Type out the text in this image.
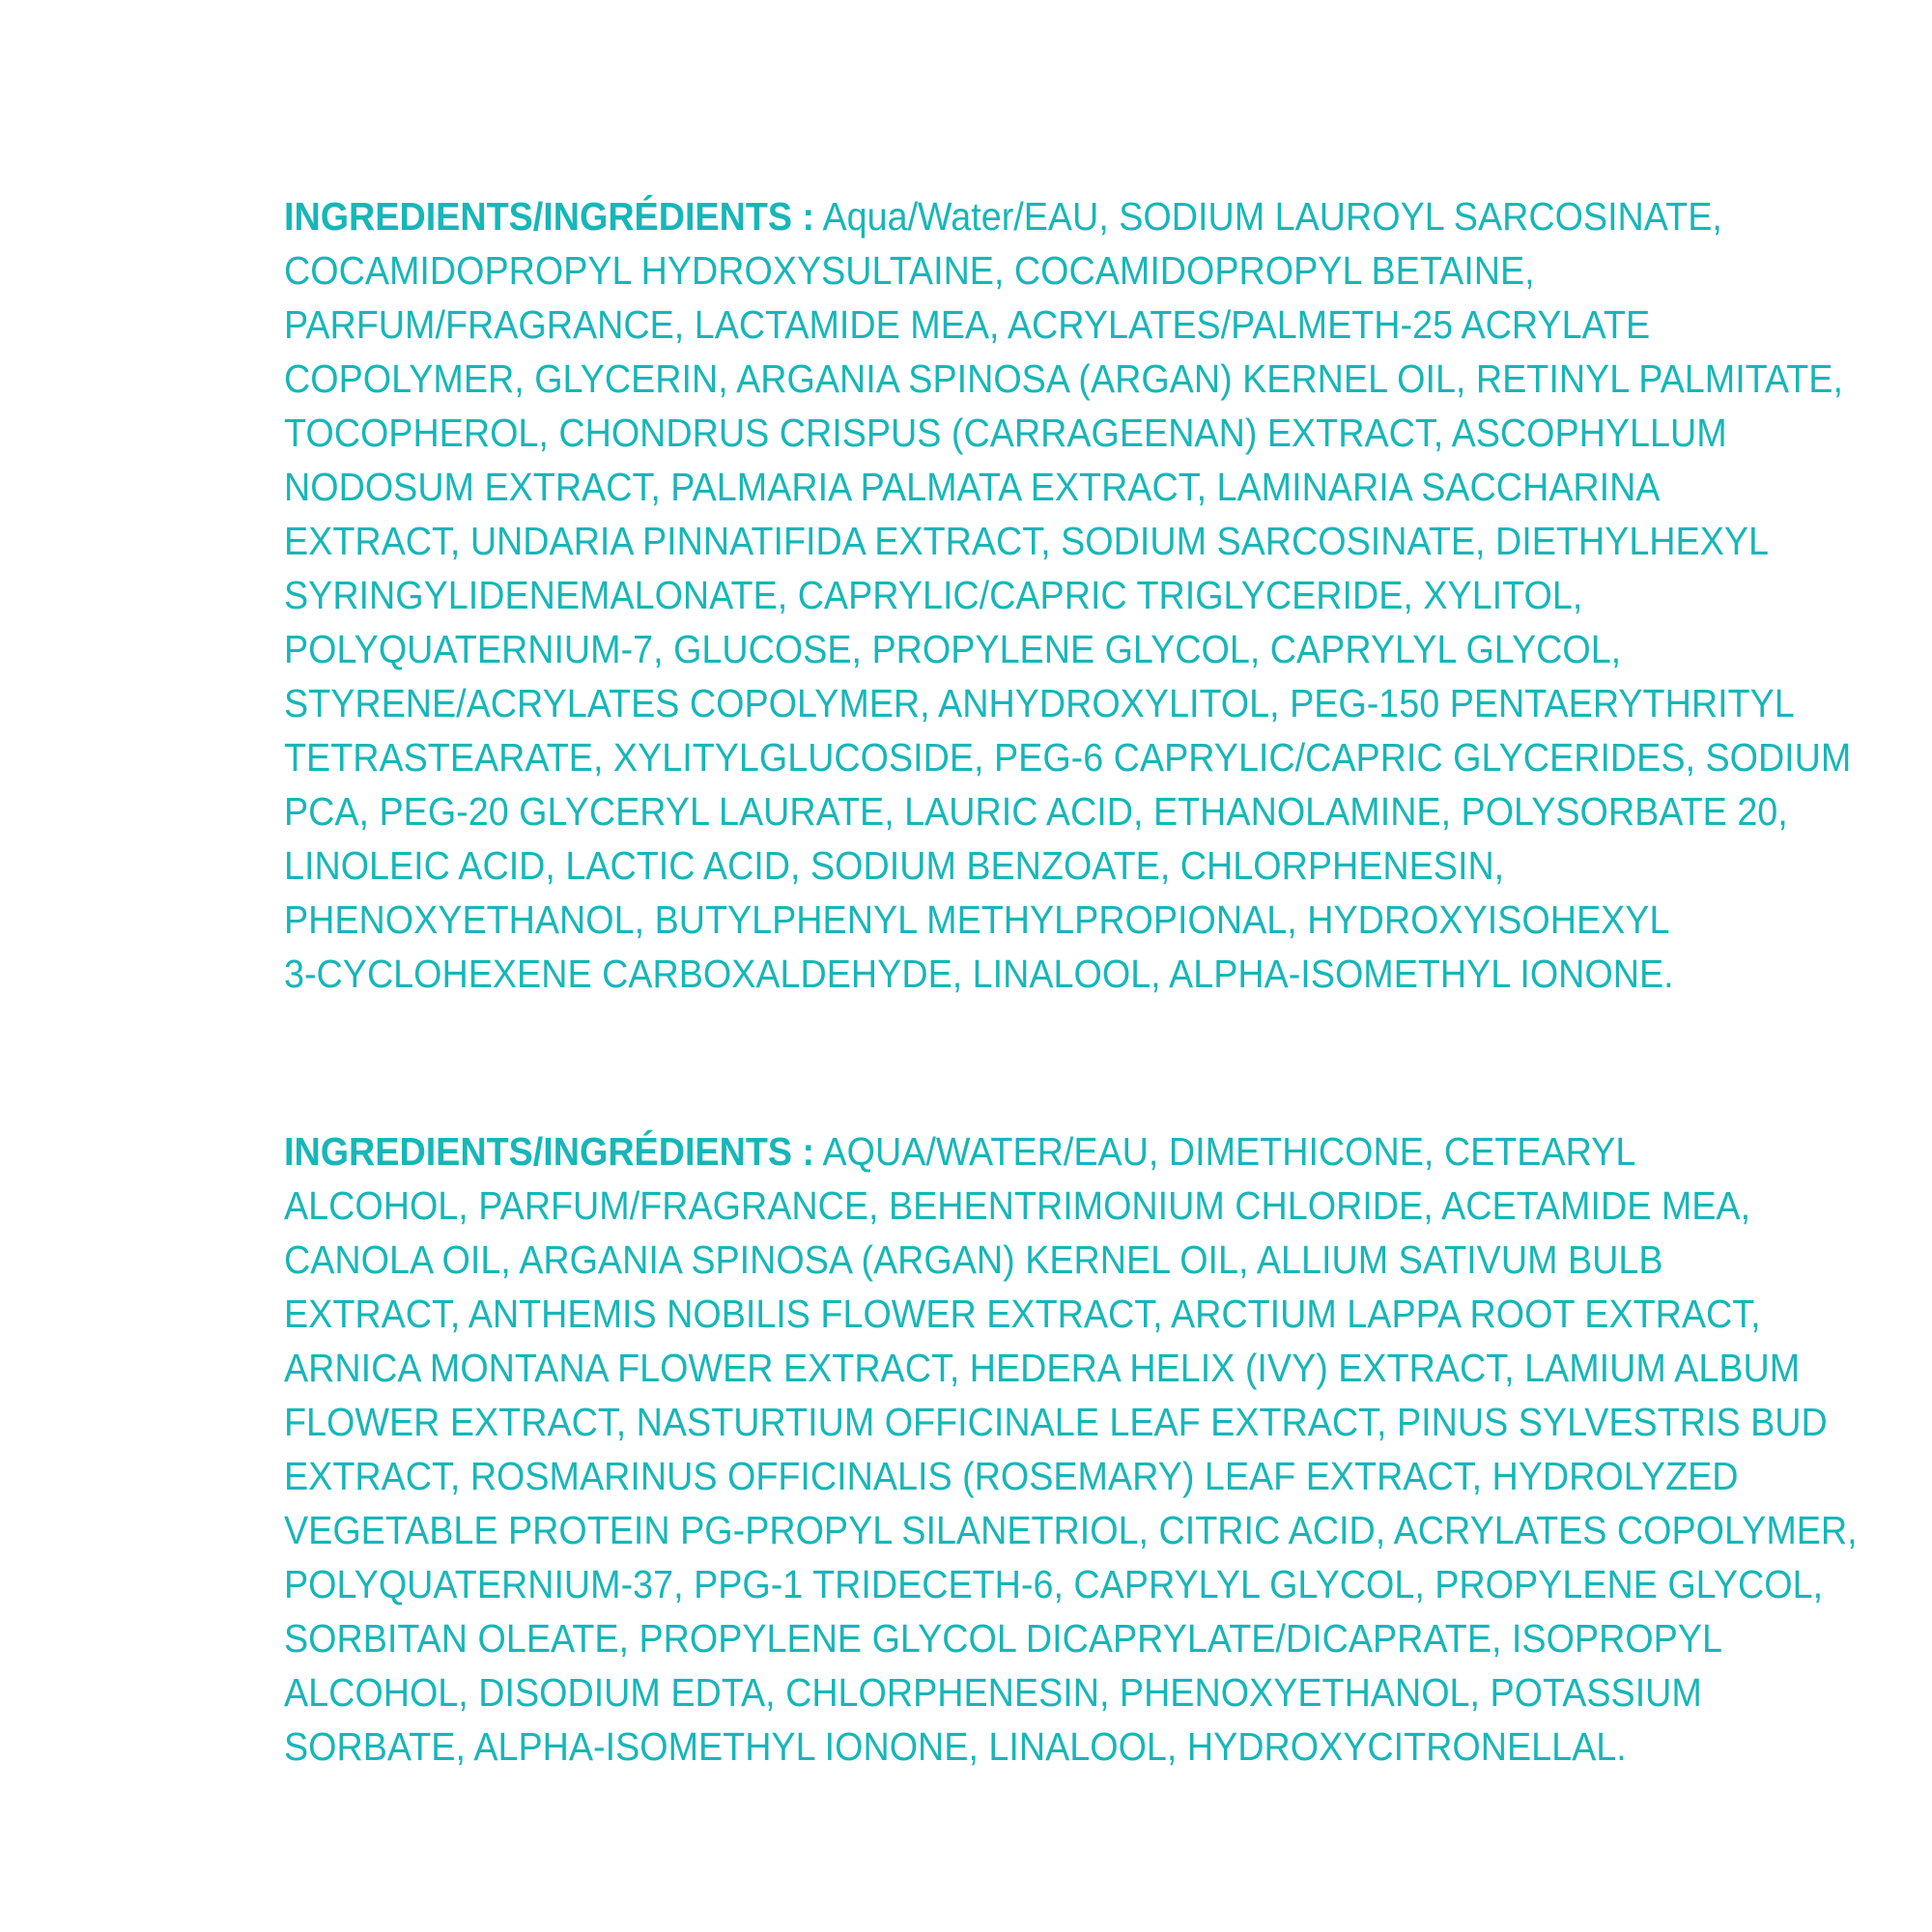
INGREDIENTS/INGRÉDIENTS : Aqua/Water/EAU, SODIUM LAUROYL SARCOSINATE,
COCAMIDOPROPYL HYDROXYSULTAINE, COCAMIDOPROPYL BETAINE,
PARFUM/FRAGRANCE, LACTAMIDE MEA, ACRYLATES/PALMETH-25 ACRYLATE
COPOLYMER, GLYCERIN, ARGANIA SPINOSA (ARGAN) KERNEL OIL, RETINYL PALMITATE,
TOCOPHEROL, CHONDRUS CRISPUS (CARRAGEENAN) EXTRACT, ASCOPHYLLUM
NODOSUM EXTRACT, PALMARIA PALMATA EXTRACT, LAMINARIA SACCHARINA
EXTRACT, UNDARIA PINNATIFIDA EXTRACT, SODIUM SARCOSINATE, DIETHYLHEXYL
SYRINGYLIDENEMALONATE, CAPRYLIC/CAPRIC TRIGLYCERIDE, XYLITOL,
POLYQUATERNIUM-7, GLUCOSE, PROPYLENE GLYCOL, CAPRYLYL GLYCOL,
STYRENE/ACRYLATES COPOLYMER, ANHYDROXYLITOL, PEG-150 PENTAERYTHRITYL
TETRASTEARATE, XYLITYLGLUCOSIDE, PEG-6 CAPRYLIC/CAPRIC GLYCERIDES, SODIUM
PCA, PEG-20 GLYCERYL LAURATE, LAURIC ACID, ETHANOLAMINE, POLYSORBATE 20,
LINOLEIC ACID, LACTIC ACID, SODIUM BENZOATE, CHLORPHENESIN,
PHENOXYETHANOL, BUTYLPHENYL METHYLPROPIONAL, HYDROXYISOHEXYL
3-CYCLOHEXENE CARBOXALDEHYDE, LINALOOL, ALPHA-ISOMETHYL IONONE.
INGREDIENTS/INGRÉDIENTS : AQUA/WATER/EAU, DIMETHICONE, CETEARYL
ALCOHOL, PARFUM/FRAGRANCE, BEHENTRIMONIUM CHLORIDE, ACETAMIDE MEA,
CANOLA OIL, ARGANIA SPINOSA (ARGAN) KERNEL OIL, ALLIUM SATIVUM BULB
EXTRACT, ANTHEMIS NOBILIS FLOWER EXTRACT, ARCTIUM LAPPA ROOT EXTRACT,
ARNICA MONTANA FLOWER EXTRACT, HEDERA HELIX (IVY) EXTRACT, LAMIUM ALBUM
FLOWER EXTRACT, NASTURTIUM OFFICINALE LEAF EXTRACT, PINUS SYLVESTRIS BUD
EXTRACT, ROSMARINUS OFFICINALIS (ROSEMARY) LEAF EXTRACT, HYDROLYZED
VEGETABLE PROTEIN PG-PROPYL SILANETRIOL, CITRIC ACID, ACRYLATES COPOLYMER,
POLYQUATERNIUM-37, PPG-1 TRIDECETH-6, CAPRYLYL GLYCOL, PROPYLENE GLYCOL,
SORBITAN OLEATE, PROPYLENE GLYCOL DICAPRYLATE/DICAPRATE, ISOPROPYL
ALCOHOL, DISODIUM EDTA, CHLORPHENESIN, PHENOXYETHANOL, POTASSIUM
SORBATE, ALPHA-ISOMETHYL IONONE, LINALOOL, HYDROXYCITRONELLAL.
